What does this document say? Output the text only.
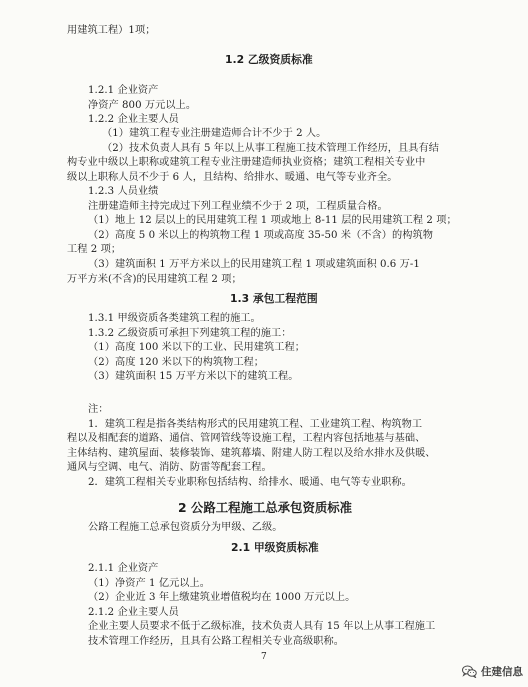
用建筑工程）1项；
1.2 乙级资质标准
1.2.1 企业资产
净资产 800 万元以上。
1.2.2 企业主要人员
（1）建筑工程专业注册建造师合计不少于 2 人。
（2）技术负责人具有 5 年以上从事工程施工技术管理工作经历，且具有结
构专业中级以上职称或建筑工程专业注册建造师执业资格；建筑工程相关专业中
级以上职称人员不少于 6 人，且结构、给排水、暖通、电气等专业齐全。
1.2.3 人员业绩
注册建造师主持完成过下列工程业绩不少于 2 项，工程质量合格。
（1）地上 12 层以上的民用建筑工程 1 项或地上 8-11 层的民用建筑工程 2 项；
（2）高度 5 0 米以上的构筑物工程 1 项或高度 35-50 米（不含）的构筑物
工程 2 项；
（3）建筑面积 1 万平方米以上的民用建筑工程 1 项或建筑面积 0.6 万-1
万平方米(不含)的民用建筑工程 2 项；
1.3 承包工程范围
1.3.1 甲级资质各类建筑工程的施工。
1.3.2 乙级资质可承担下列建筑工程的施工：
（1）高度 100 米以下的工业、民用建筑工程；
（2）高度 120 米以下的构筑物工程；
（3）建筑面积 15 万平方米以下的建筑工程。
注：
1．建筑工程是指各类结构形式的民用建筑工程、工业建筑工程、构筑物工
程以及相配套的道路、通信、管网管线等设施工程，工程内容包括地基与基础、
主体结构、建筑屋面、装修装饰、建筑幕墙、附建人防工程以及给水排水及供暖、
通风与空调、电气、消防、防雷等配套工程。
2．建筑工程相关专业职称包括结构、给排水、暖通、电气等专业职称。
2 公路工程施工总承包资质标准
公路工程施工总承包资质分为甲级、乙级。
2.1 甲级资质标准
2.1.1 企业资产
（1）净资产 1 亿元以上。
（2）企业近 3 年上缴建筑业增值税均在 1000 万元以上。
2.1.2 企业主要人员
企业主要人员要求不低于乙级标准，技术负责人具有 15 年以上从事工程施工
技术管理工作经历，且具有公路工程相关专业高级职称。
7
住建信息
